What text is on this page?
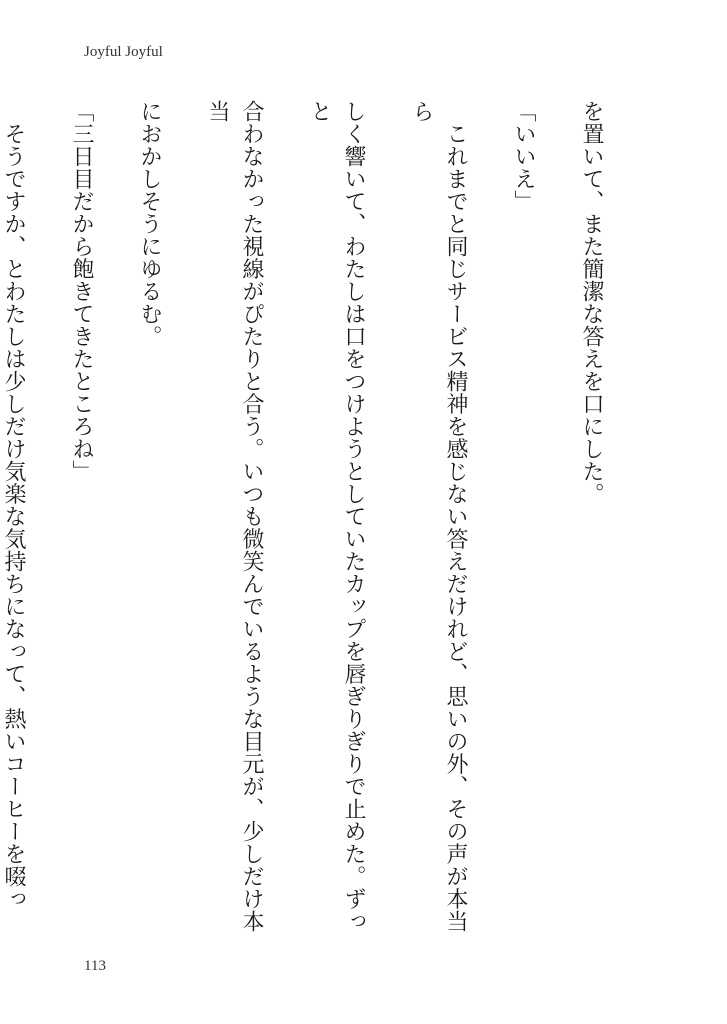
Joyful Joyful

を置いて、また簡潔な答えを口にした。

「いいえ」

　これまでと同じサービス精神を感じない答えだけれど、思いの外、その声が本当ら

しく響いて、わたしは口をつけようとしていたカップを唇ぎりぎりで止めた。ずっと

合わなかった視線がぴたりと合う。いつも微笑んでいるような目元が、少しだけ本当

におかしそうにゆるむ。

「三日目だから飽きてきたところね」

　そうですか、とわたしは少しだけ気楽な気持ちになって、熱いコーヒーを啜っ

113
